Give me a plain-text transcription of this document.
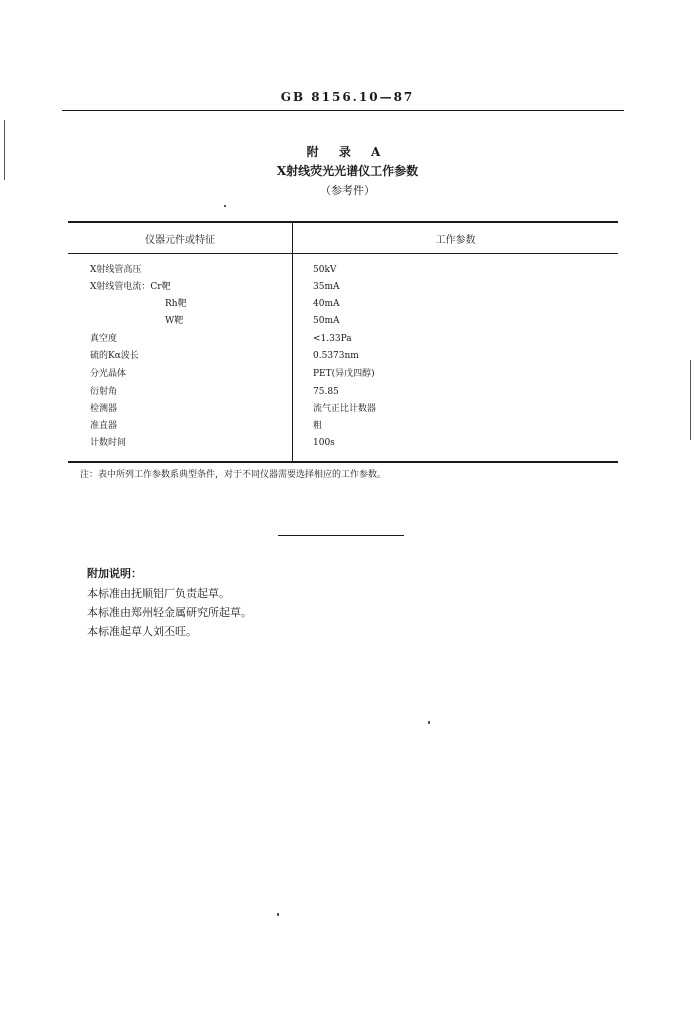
GB 8156.10—87
附 录 A
X射线荧光光谱仪工作参数
（参考件）
仪器元件或特征	工作参数
X射线管高压
X射线管电流：Cr靶
Rh靶
W靶
真空度
硫的Kα波长
分光晶体
衍射角
检测器
准直器
计数时间
50kV
35mA
40mA
50mA
<1.33Pa
0.5373nm
PET(异戊四醇)
75.85
流气正比计数器
粗
100s
注：表中所列工作参数系典型条件，对于不同仪器需要选择相应的工作参数。
附加说明：
本标准由抚顺铝厂负责起草。
本标准由郑州轻金属研究所起草。
本标准起草人刘丕旺。
